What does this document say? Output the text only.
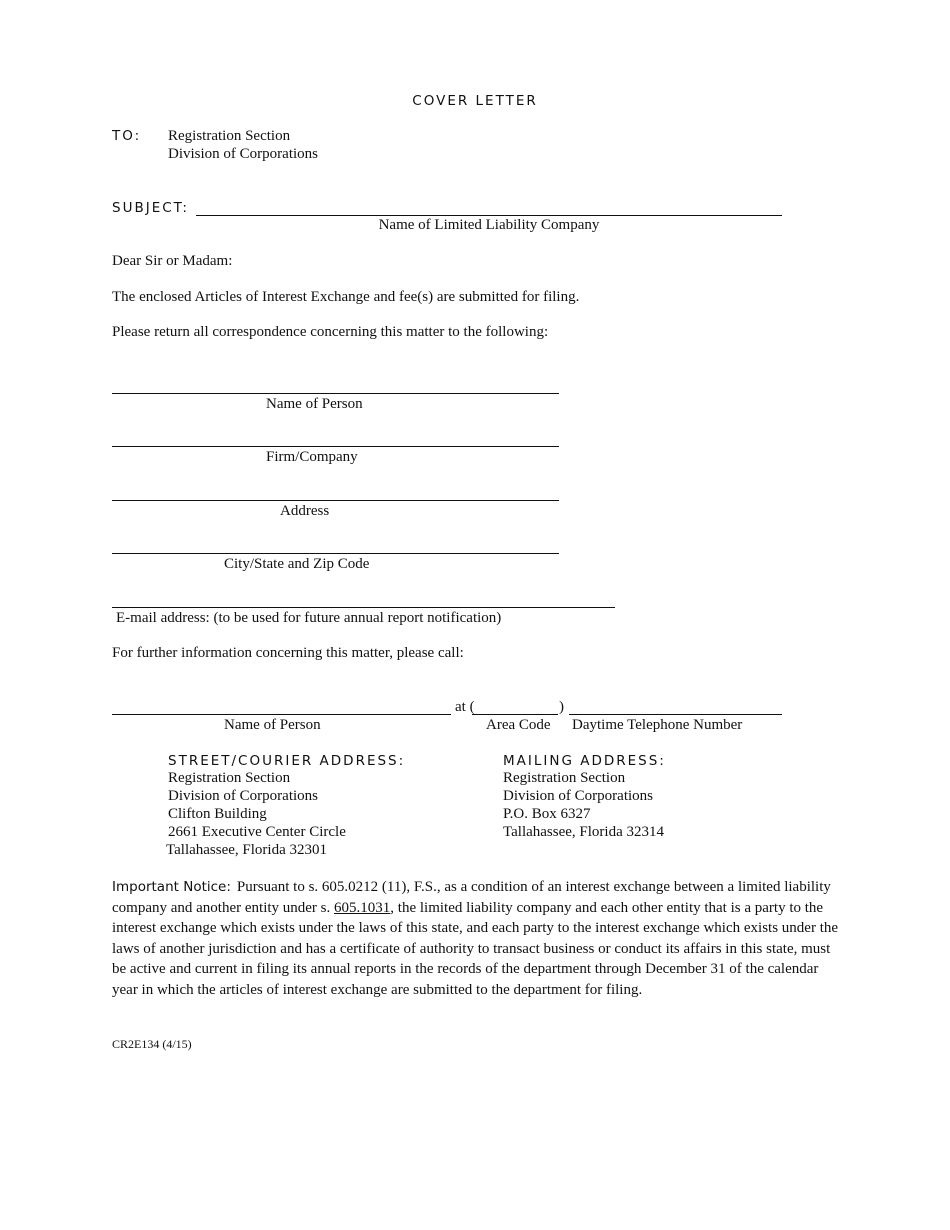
COVER LETTER
TO: Registration Section
Division of Corporations
SUBJECT:
Name of Limited Liability Company
Dear Sir or Madam:
The enclosed Articles of Interest Exchange and fee(s) are submitted for filing.
Please return all correspondence concerning this matter to the following:
Name of Person
Firm/Company
Address
City/State and Zip Code
E-mail address: (to be used for future annual report notification)
For further information concerning this matter, please call:
at (	)
Name of Person	Area Code Daytime Telephone Number
STREET/COURIER ADDRESS:
Registration Section
Division of Corporations
Clifton Building
2661 Executive Center Circle
Tallahassee, Florida 32301
MAILING ADDRESS:
Registration Section
Division of Corporations
P.O. Box 6327
Tallahassee, Florida 32314
Important Notice: Pursuant to s. 605.0212 (11), F.S., as a condition of an interest exchange between a limited liability company and another entity under s. 605.1031, the limited liability company and each other entity that is a party to the interest exchange which exists under the laws of this state, and each party to the interest exchange which exists under the laws of another jurisdiction and has a certificate of authority to transact business or conduct its affairs in this state, must be active and current in filing its annual reports in the records of the department through December 31 of the calendar year in which the articles of interest exchange are submitted to the department for filing.
CR2E134 (4/15)
